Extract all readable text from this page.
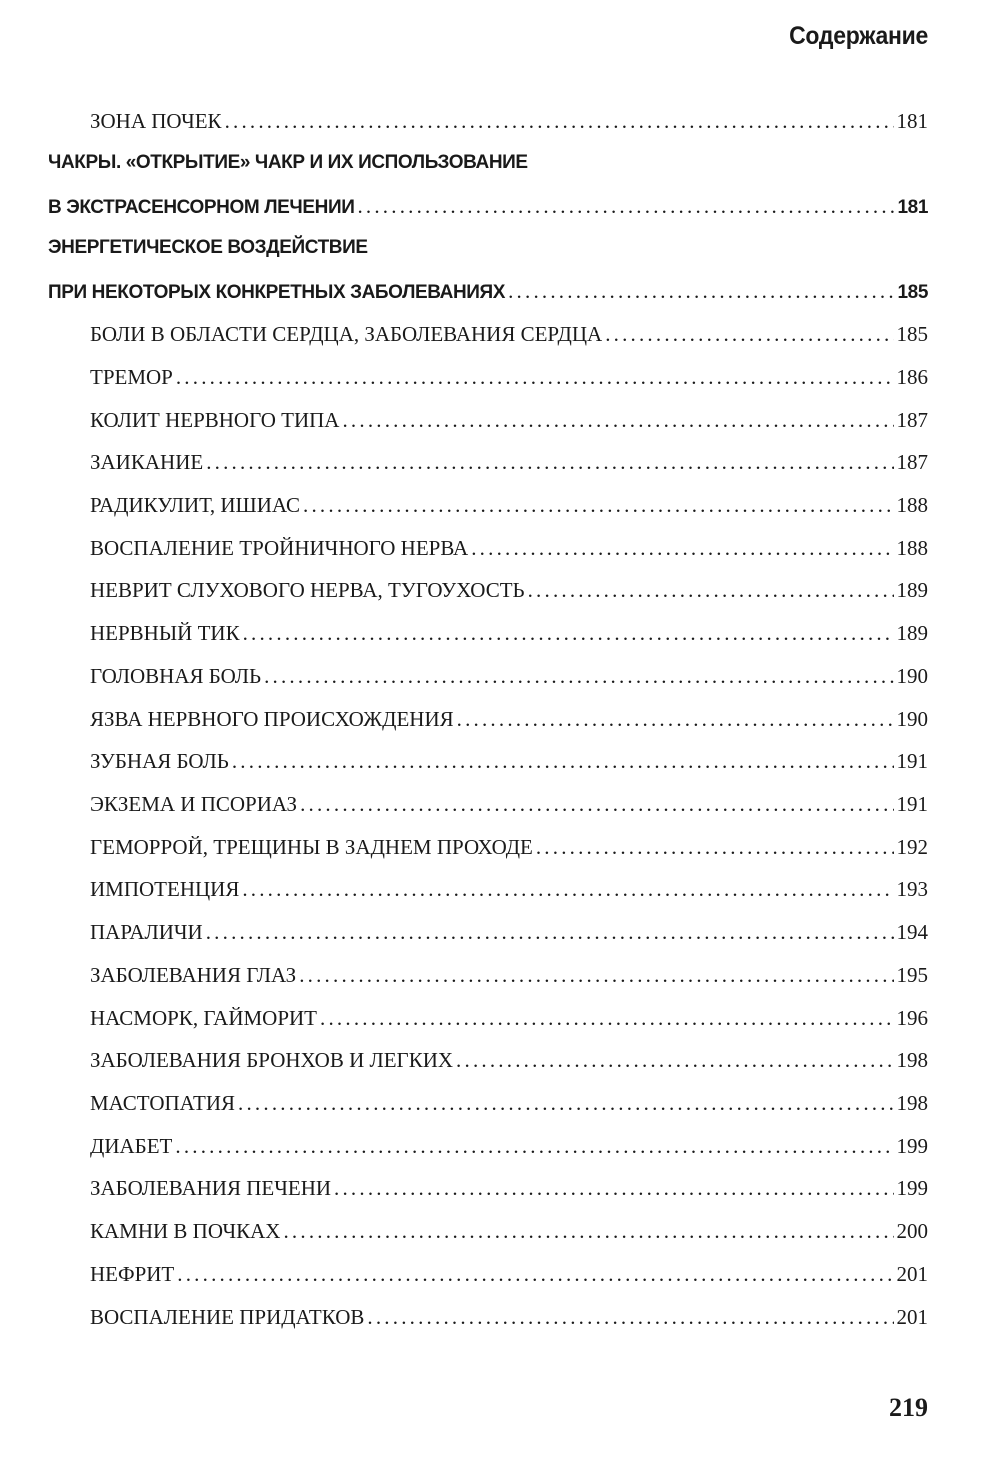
Содержание
ЗОНА ПОЧЕК .....	181
ЧАКРЫ. «ОТКРЫТИЕ» ЧАКР И ИХ ИСПОЛЬЗОВАНИЕ
В ЭКСТРАСЕНСОРНОМ ЛЕЧЕНИИ .....	181
ЭНЕРГЕТИЧЕСКОЕ ВОЗДЕЙСТВИЕ
ПРИ НЕКОТОРЫХ КОНКРЕТНЫХ ЗАБОЛЕВАНИЯХ .....	185
БОЛИ В ОБЛАСТИ СЕРДЦА, ЗАБОЛЕВАНИЯ СЕРДЦА .....	185
ТРЕМОР .....	186
КОЛИТ НЕРВНОГО ТИПА .....	187
ЗАИКАНИЕ .....	187
РАДИКУЛИТ, ИШИАС .....	188
ВОСПАЛЕНИЕ ТРОЙНИЧНОГО НЕРВА .....	188
НЕВРИТ СЛУХОВОГО НЕРВА, ТУГОУХОСТЬ .....	189
НЕРВНЫЙ ТИК .....	189
ГОЛОВНАЯ БОЛЬ .....	190
ЯЗВА НЕРВНОГО ПРОИСХОЖДЕНИЯ .....	190
ЗУБНАЯ БОЛЬ .....	191
ЭКЗЕМА И ПСОРИАЗ .....	191
ГЕМОРРОЙ, ТРЕЩИНЫ В ЗАДНЕМ ПРОХОДЕ .....	192
ИМПОТЕНЦИЯ .....	193
ПАРАЛИЧИ .....	194
ЗАБОЛЕВАНИЯ ГЛАЗ .....	195
НАСМОРК, ГАЙМОРИТ .....	196
ЗАБОЛЕВАНИЯ БРОНХОВ И ЛЕГКИХ .....	198
МАСТОПАТИЯ .....	198
ДИАБЕТ .....	199
ЗАБОЛЕВАНИЯ ПЕЧЕНИ .....	199
КАМНИ В ПОЧКАХ .....	200
НЕФРИТ .....	201
ВОСПАЛЕНИЕ ПРИДАТКОВ .....	201
219
